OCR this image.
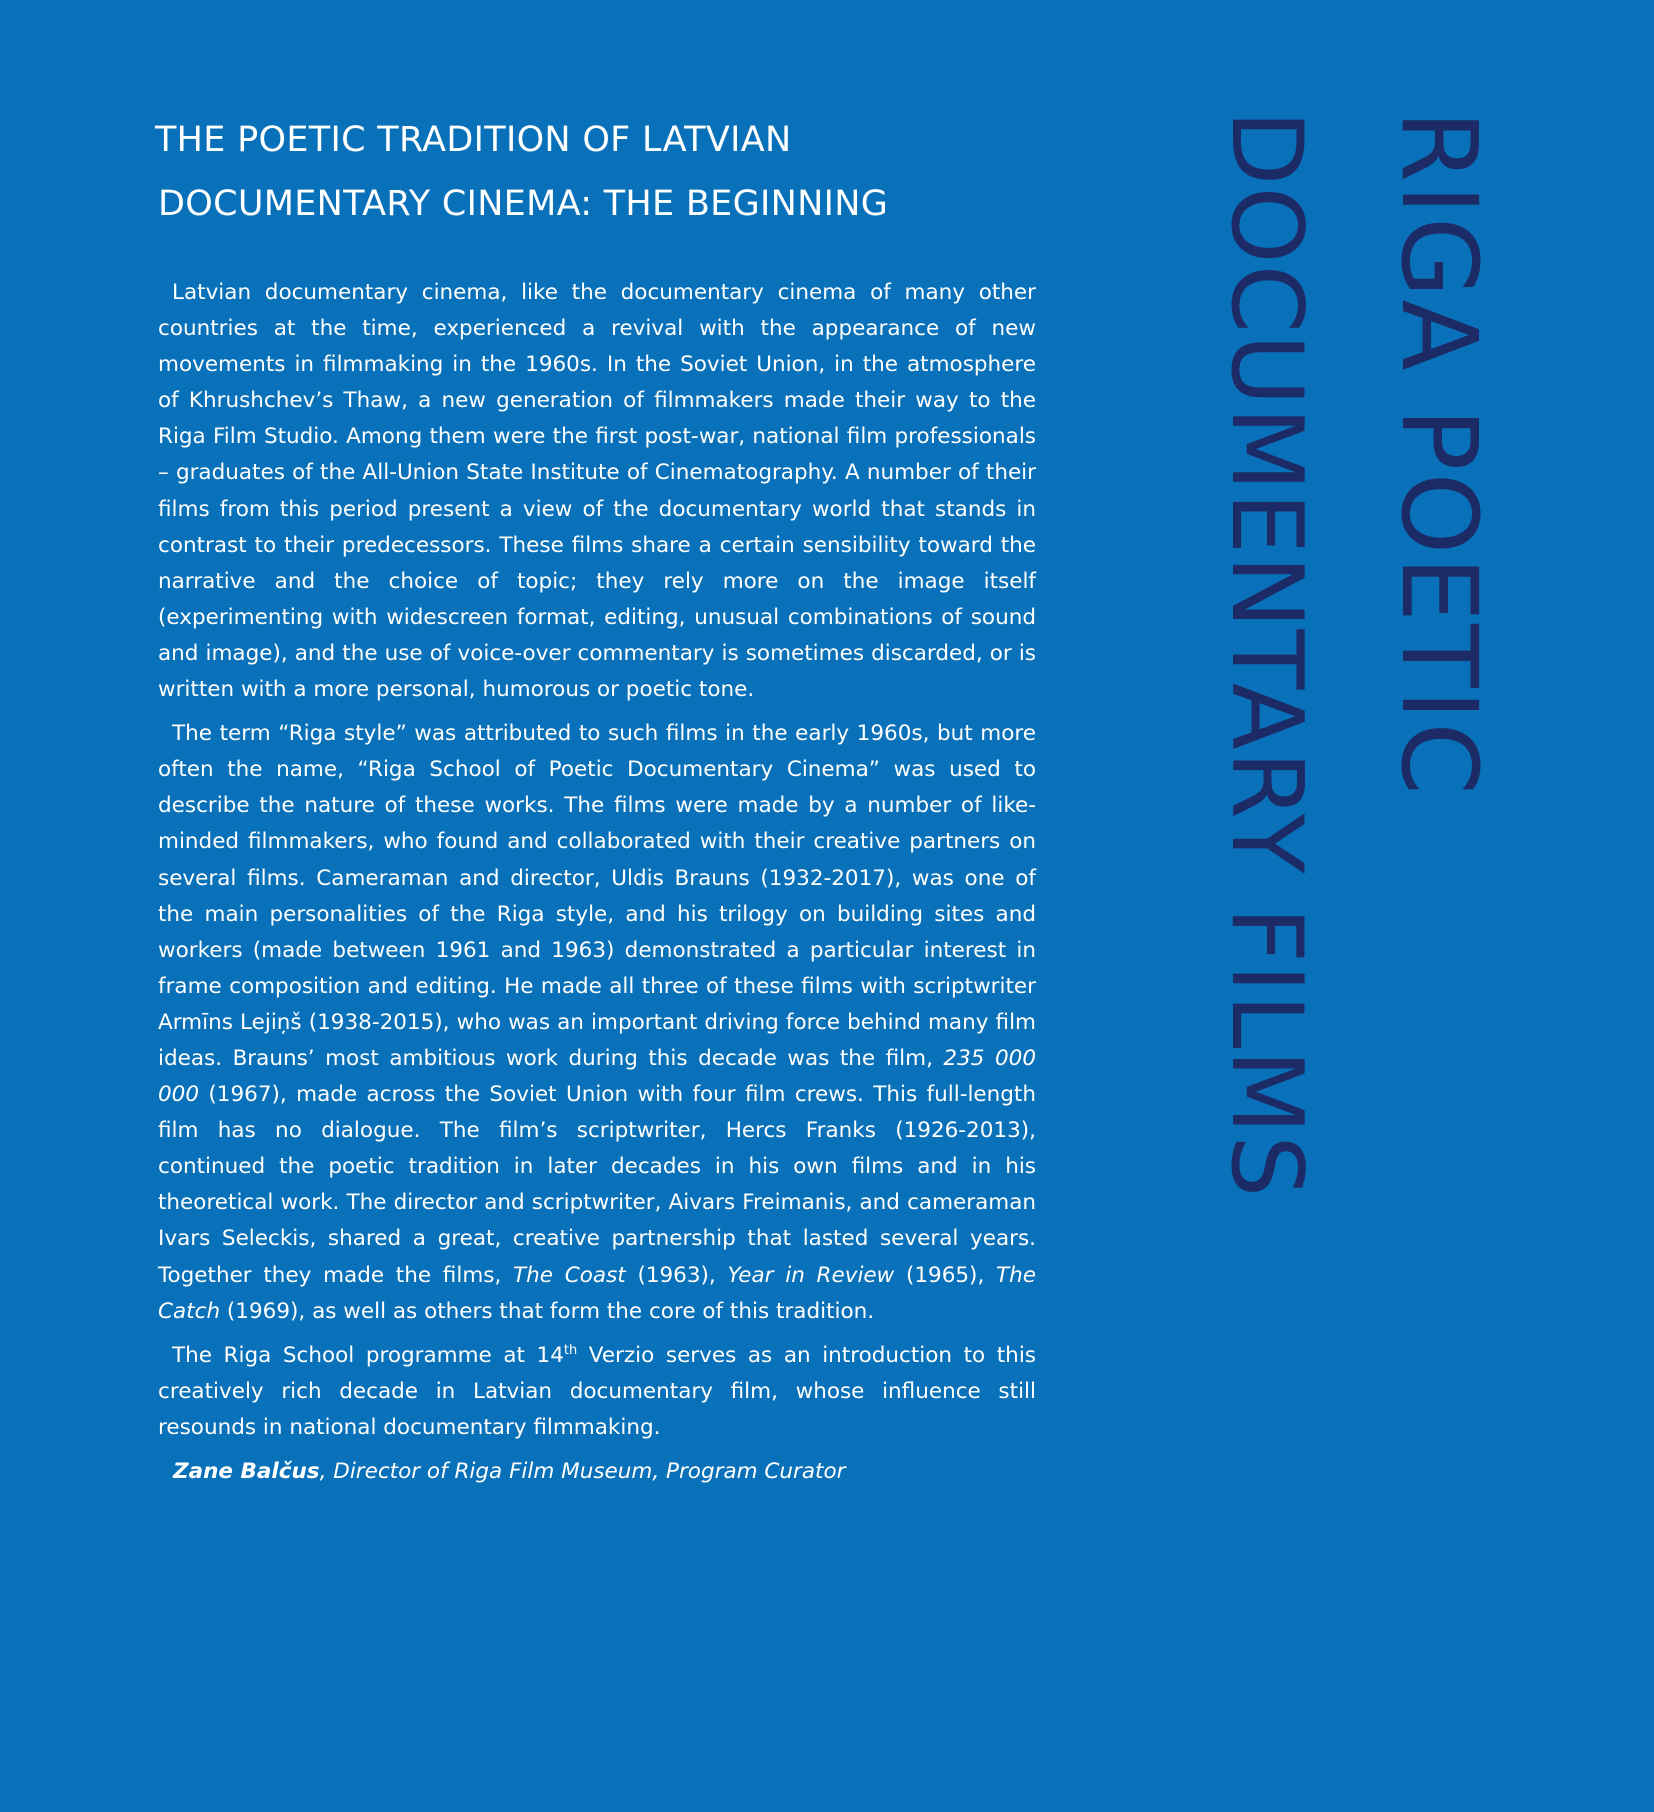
THE POETIC TRADITION OF LATVIAN
DOCUMENTARY CINEMA: THE BEGINNING

Latvian documentary cinema, like the documentary cinema of many other countries at the time, experienced a revival with the appearance of new movements in filmmaking in the 1960s. In the Soviet Union, in the atmosphere of Khrushchev’s Thaw, a new generation of filmmakers made their way to the Riga Film Studio. Among them were the first post-war, national film professionals – graduates of the All-Union State Institute of Cinematography. A number of their films from this period present a view of the documentary world that stands in contrast to their predecessors. These films share a certain sensibility toward the narrative and the choice of topic; they rely more on the image itself (experimenting with widescreen format, editing, unusual combinations of sound and image), and the use of voice-over commentary is sometimes discarded, or is written with a more personal, humorous or poetic tone.

The term “Riga style” was attributed to such films in the early 1960s, but more often the name, “Riga School of Poetic Documentary Cinema” was used to describe the nature of these works. The films were made by a number of like-minded filmmakers, who found and collaborated with their creative partners on several films. Cameraman and director, Uldis Brauns (1932-2017), was one of the main personalities of the Riga style, and his trilogy on building sites and workers (made between 1961 and 1963) demonstrated a particular interest in frame composition and editing. He made all three of these films with scriptwriter Armīns Lejiņš (1938-2015), who was an important driving force behind many film ideas. Brauns’ most ambitious work during this decade was the film, 235 000 000 (1967), made across the Soviet Union with four film crews. This full-length film has no dialogue. The film’s scriptwriter, Hercs Franks (1926-2013), continued the poetic tradition in later decades in his own films and in his theoretical work. The director and scriptwriter, Aivars Freimanis, and cameraman Ivars Seleckis, shared a great, creative partnership that lasted several years. Together they made the films, The Coast (1963), Year in Review (1965), The Catch (1969), as well as others that form the core of this tradition.

The Riga School programme at 14th Verzio serves as an introduction to this creatively rich decade in Latvian documentary film, whose influence still resounds in national documentary filmmaking.

Zane Balčus, Director of Riga Film Museum, Program Curator
RIGA POETIC
DOCUMENTARY FILMS
